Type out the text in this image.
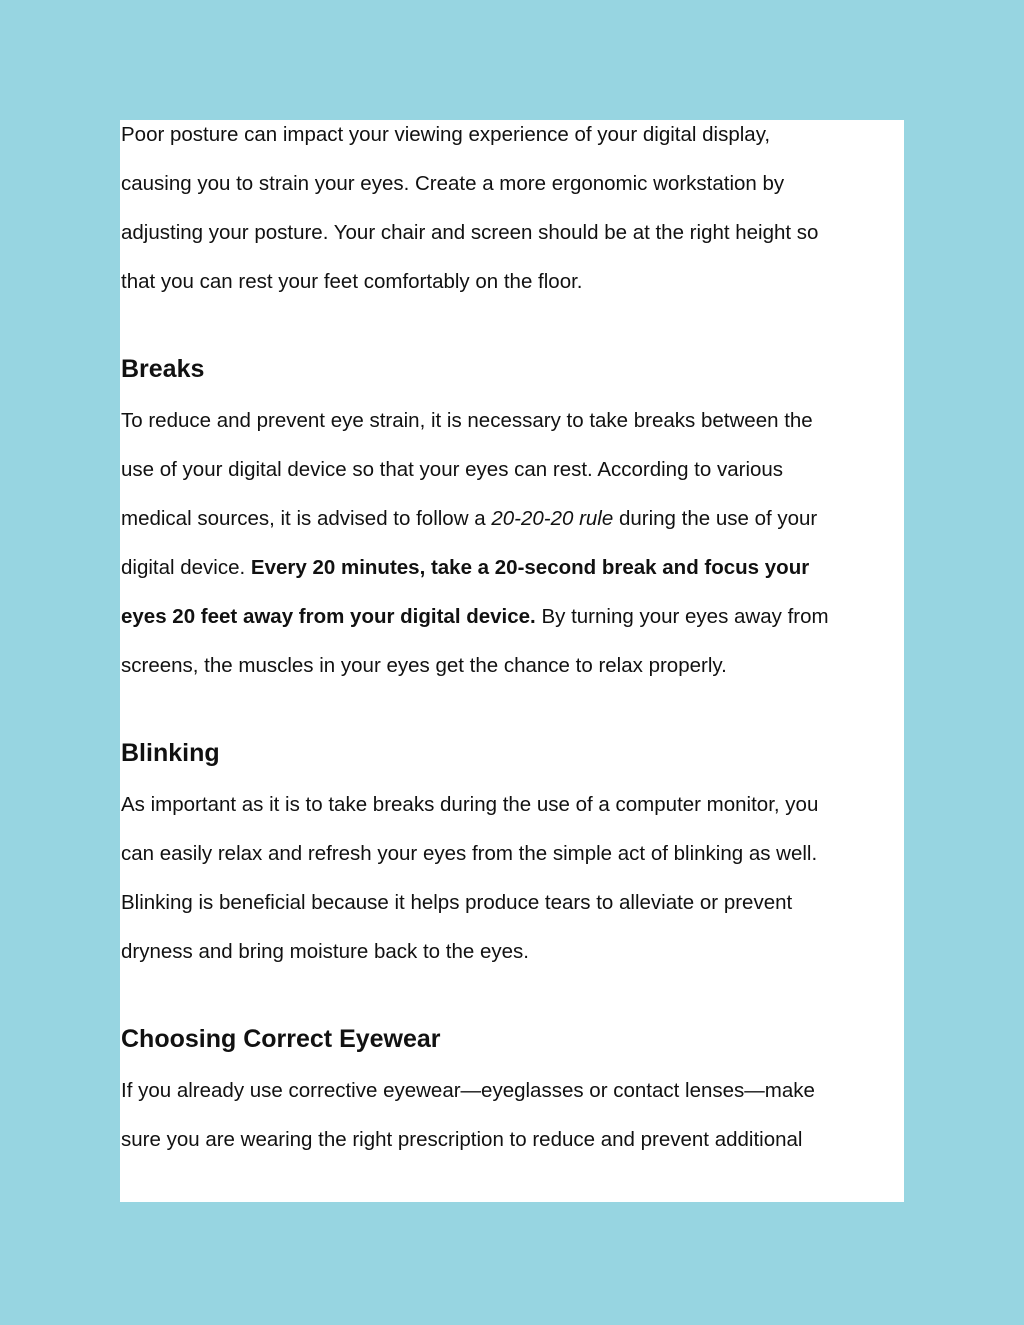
Poor posture can impact your viewing experience of your digital display,

causing you to strain your eyes. Create a more ergonomic workstation by

adjusting your posture. Your chair and screen should be at the right height so

that you can rest your feet comfortably on the floor.

Breaks

To reduce and prevent eye strain, it is necessary to take breaks between the

use of your digital device so that your eyes can rest. According to various

medical sources, it is advised to follow a 20-20-20 rule during the use of your

digital device. Every 20 minutes, take a 20-second break and focus your

eyes 20 feet away from your digital device. By turning your eyes away from

screens, the muscles in your eyes get the chance to relax properly.

Blinking

As important as it is to take breaks during the use of a computer monitor, you

can easily relax and refresh your eyes from the simple act of blinking as well.

Blinking is beneficial because it helps produce tears to alleviate or prevent

dryness and bring moisture back to the eyes.

Choosing Correct Eyewear

If you already use corrective eyewear—eyeglasses or contact lenses—make

sure you are wearing the right prescription to reduce and prevent additional
